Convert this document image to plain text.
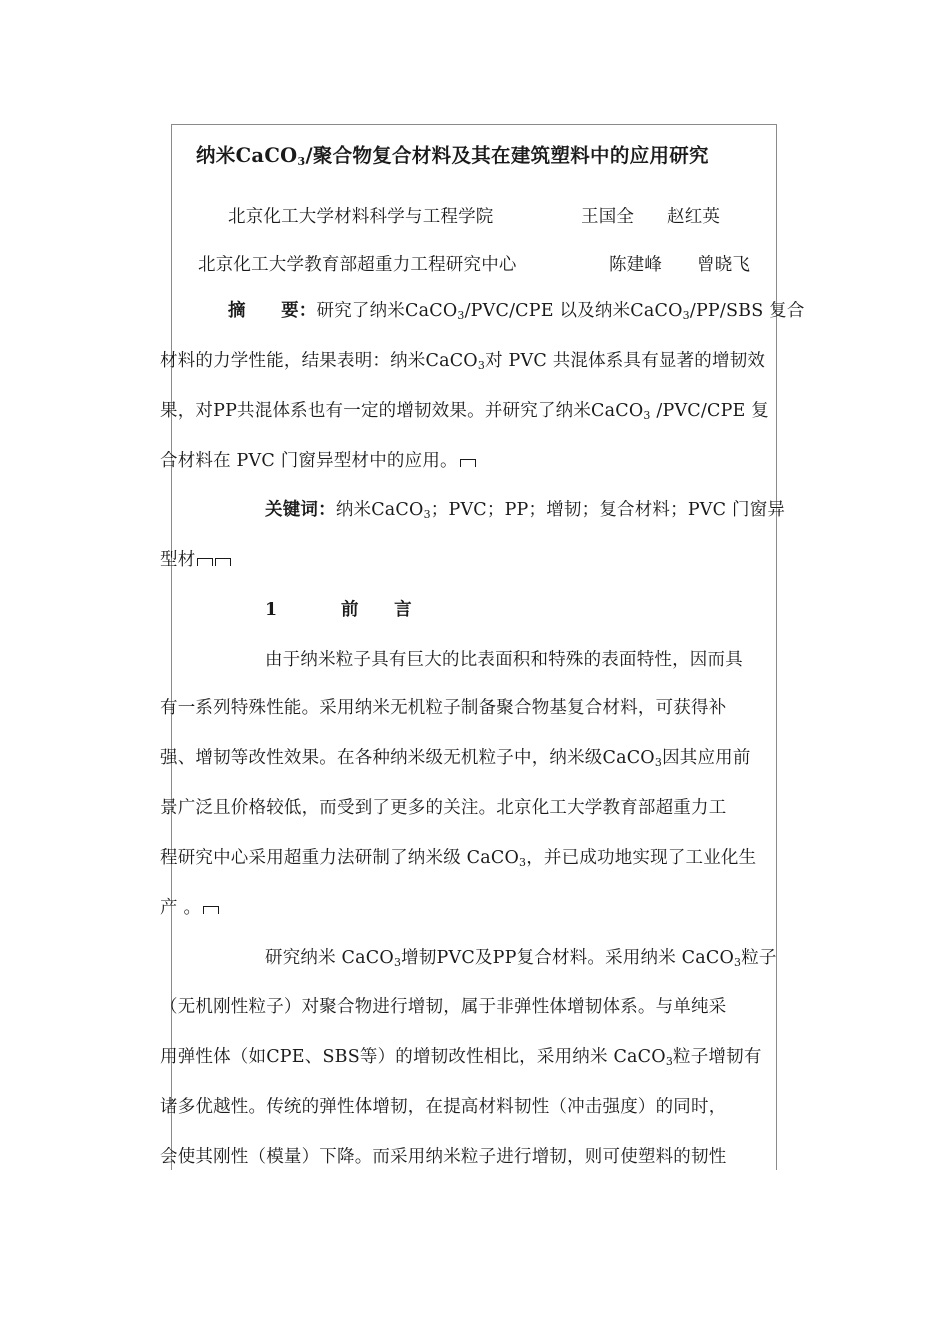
纳米CaCO$_3$/聚合物复合材料及其在建筑塑料中的应用研究
北京化工大学材料科学与工程学院	王国全 赵红英
北京化工大学教育部超重力工程研究中心	陈建峰 曾晓飞
摘　　要：研究了纳米CaCO$_3$/PVC/CPE 以及纳米CaCO$_3$/PP/SBS 复合
材料的力学性能，结果表明：纳米CaCO$_3$对 PVC 共混体系具有显著的增韧效
果，对PP共混体系也有一定的增韧效果。并研究了纳米CaCO$_3$ /PVC/CPE 复
合材料在 PVC 门窗异型材中的应用。
关键词：纳米CaCO$_3$；PVC；PP；增韧；复合材料；PVC 门窗异
型材
1	前　　言
由于纳米粒子具有巨大的比表面积和特殊的表面特性，因而具
有一系列特殊性能。采用纳米无机粒子制备聚合物基复合材料，可获得补
强、增韧等改性效果。在各种纳米级无机粒子中，纳米级CaCO$_3$因其应用前
景广泛且价格较低，而受到了更多的关注。北京化工大学教育部超重力工
程研究中心采用超重力法研制了纳米级 CaCO$_3$，并已成功地实现了工业化生
产 。
研究纳米 CaCO$_3$增韧PVC及PP复合材料。采用纳米 CaCO$_3$粒子
（无机刚性粒子）对聚合物进行增韧，属于非弹性体增韧体系。与单纯采
用弹性体（如CPE、SBS等）的增韧改性相比，采用纳米 CaCO$_3$粒子增韧有
诸多优越性。传统的弹性体增韧，在提高材料韧性（冲击强度）的同时，
会使其刚性（模量）下降。而采用纳米粒子进行增韧，则可使塑料的韧性
